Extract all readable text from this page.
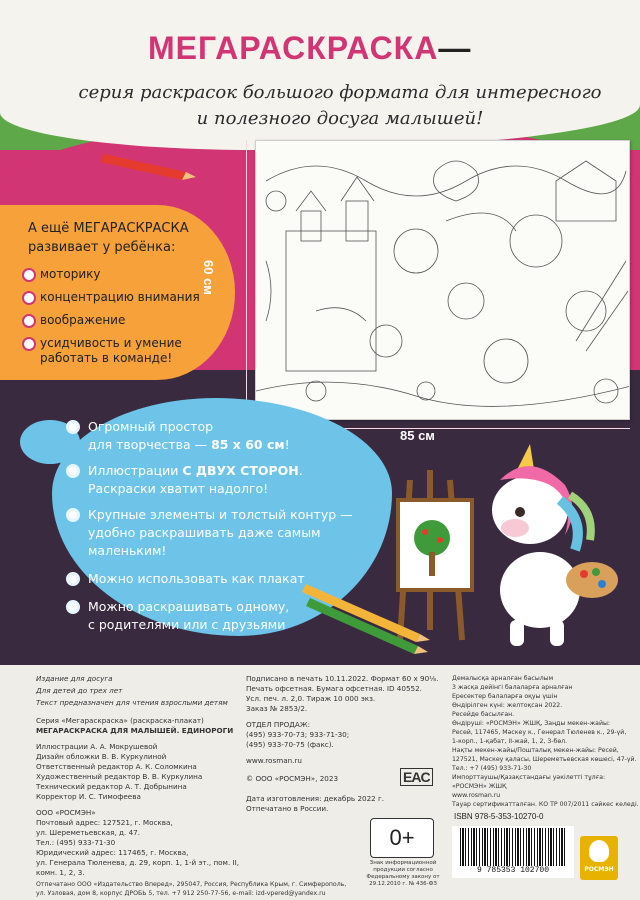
МЕГАРАСКРАСКА—
серия раскрасок большого формата для интересного
и полезного досуга малышей!
А ещё МЕГАРАСКРАСКА
развивает у ребёнка:
моторику
концентрацию внимания
воображение
усидчивость и умение работать в команде!
60 см
85 см
Огромный простор
для творчества — 85 х 60 см!
Иллюстрации С ДВУХ СТОРОН.
Раскраски хватит надолго!
Крупные элементы и толстый контур —
удобно раскрашивать даже самым
маленьким!
Можно использовать как плакат
Можно раскрашивать одному,
с родителями или с друзьями
Издание для досуга
Для детей до трех лет
Текст предназначен для чтения взрослыми детям
Серия «Мегараскраска» (раскраска-плакат)
МЕГАРАСКРАСКА ДЛЯ МАЛЫШЕЙ. ЕДИНОРОГИ
Иллюстрации А. А. Мокрушевой
Дизайн обложки В. В. Куркулиной
Ответственный редактор А. К. Соломкина
Художественный редактор В. В. Куркулина
Технический редактор А. Т. Добрынина
Корректор И. С. Тимофеева
ООО «РОСМЭН»
Почтовый адрес: 127521, г. Москва,
ул. Шереметьевская, д. 47.
Тел.: (495) 933-71-30
Юридический адрес: 117465, г. Москва,
ул. Генерала Тюленева, д. 29, корп. 1, 1-й эт., пом. II,
комн. 1, 2, 3.
Отпечатано ООО «Издательство Вперед», 295047, Россия, Республика Крым, г. Симферополь,
ул. Узловая, дом 8, корпус ДРОБЬ 5, тел. +7 912 250-77-56, e-mail: izd-vpered@yandex.ru
Подписано в печать 10.11.2022. Формат 60 х 90⅛.
Печать офсетная. Бумага офсетная. ID 40552.
Усл. печ. л. 2,0. Тираж 10 000 экз.
Заказ № 2853/2.
ОТДЕЛ ПРОДАЖ:
(495) 933-70-73; 933-71-30;
(495) 933-70-75 (факс).
www.rosman.ru
© ООО «РОСМЭН», 2023
Дата изготовления: декабрь 2022 г.
Отпечатано в России.
EAC
0+
Знак информационной продукции согласно Федеральному закону от 29.12.2010 г. № 436-ФЗ
Демалысқа арналған басылым
3 жасқа дейінгі балаларға арналған
Ересектер балаларға оқуы үшін
Өндірілген күні: желтоқсан 2022.
Ресейде басылған.
Өндіруші: «РОСМЭН» ЖШҚ, Заңды мекен-жайы:
Ресей, 117465, Мәскеу к., Генерал Тюленев к., 29-үй,
1-корп., 1-қабат, II-жай, 1, 2, 3-бөл.
Нақты мекен-жайы/Пошталық мекен-жайы: Ресей,
127521, Мәскеу қаласы, Шереметьевская көшесі, 47-үй.
Тел.: +7 (495) 933-71-30
Импорттаушы/Қазақстандағы уәкілетті тұлға:
«РОСМЭН» ЖШҚ
www.rosman.ru
Тауар сертификатталған. КО ТР 007/2011 сәйкес келеді.
ISBN 978-5-353-10270-0
9 785353 102700	РОСМЭН
